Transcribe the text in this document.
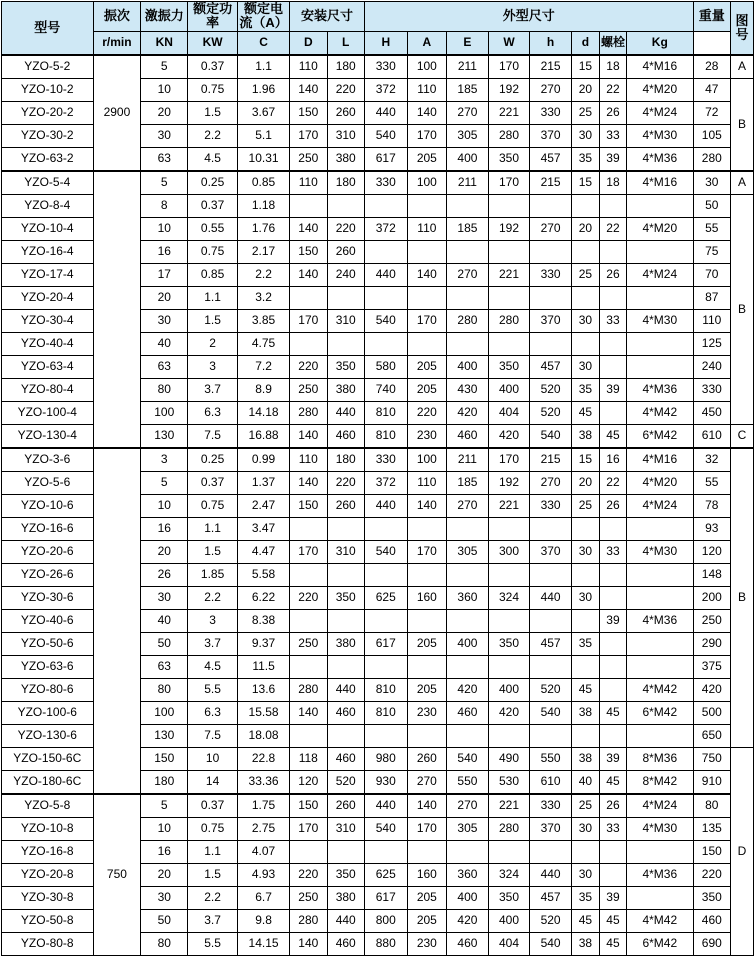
型号	振次	激振力	额定功率	额定电流（A）	安装尺寸		外型尺寸								重量	图号
	r/min	KN	KW	C	D	L	H	A	E	W	h	d	螺栓	Kg		
YZO-5-2	2900	5	0.37	1.1	110	180	330	100	211	170	215	15	18	4*M16	28	A
YZO-10-2		10	0.75	1.96	140	220	372	110	185	192	270	20	22	4*M20	47	B
YZO-20-2		20	1.5	3.67	150	260	440	140	270	221	330	25	26	4*M24	72	
YZO-30-2		30	2.2	5.1	170	310	540	170	305	280	370	30	33	4*M30	105	
YZO-63-2		63	4.5	10.31	250	380	617	205	400	350	457	35	39	4*M36	280	
YZO-5-4		5	0.25	0.85	110	180	330	100	211	170	215	15	18	4*M16	30	A
YZO-8-4		8	0.37	1.18											50	B
YZO-10-4		10	0.55	1.76	140	220	372	110	185	192	270	20	22	4*M20	55	
YZO-16-4		16	0.75	2.17	150	260									75	
YZO-17-4		17	0.85	2.2	140	240	440	140	270	221	330	25	26	4*M24	70	
YZO-20-4		20	1.1	3.2											87	
YZO-30-4		30	1.5	3.85	170	310	540	170	280	280	370	30	33	4*M30	110	
YZO-40-4		40	2	4.75											125	
YZO-63-4		63	3	7.2	220	350	580	205	400	350	457	30			240	
YZO-80-4		80	3.7	8.9	250	380	740	205	430	400	520	35	39	4*M36	330	
YZO-100-4		100	6.3	14.18	280	440	810	220	420	404	520	45		4*M42	450	
YZO-130-4		130	7.5	16.88	140	460	810	230	460	420	540	38	45	6*M42	610	C
YZO-3-6		3	0.25	0.99	110	180	330	100	211	170	215	15	16	4*M16	32	B
YZO-5-6		5	0.37	1.37	140	220	372	110	185	192	270	20	22	4*M20	55	
YZO-10-6		10	0.75	2.47	150	260	440	140	270	221	330	25	26	4*M24	78	
YZO-16-6		16	1.1	3.47											93	
YZO-20-6		20	1.5	4.47	170	310	540	170	305	300	370	30	33	4*M30	120	
YZO-26-6		26	1.85	5.58											148	
YZO-30-6		30	2.2	6.22	220	350	625	160	360	324	440	30			200	
YZO-40-6		40	3	8.38									39	4*M36	250	
YZO-50-6		50	3.7	9.37	250	380	617	205	400	350	457	35			290	
YZO-63-6		63	4.5	11.5											375	
YZO-80-6		80	5.5	13.6	280	440	810	205	420	400	520	45		4*M42	420	
YZO-100-6		100	6.3	15.58	140	460	810	230	460	420	540	38	45	6*M42	500	
YZO-130-6		130	7.5	18.08											650	
YZO-150-6C		150	10	22.8	118	460	980	260	540	490	550	38	39	8*M36	750	D
YZO-180-6C		180	14	33.36	120	520	930	270	550	530	610	40	45	8*M42	910	
YZO-5-8	750	5	0.37	1.75	150	260	440	140	270	221	330	25	26	4*M24	80	
YZO-10-8		10	0.75	2.75	170	310	540	170	305	280	370	30	33	4*M30	135	
YZO-16-8		16	1.1	4.07											150	
YZO-20-8		20	1.5	4.93	220	350	625	160	360	324	440	30		4*M36	220	
YZO-30-8		30	2.2	6.7	250	380	617	205	400	350	457	35	39		350	
YZO-50-8		50	3.7	9.8	280	440	800	205	420	400	520	45	45	4*M42	460	
YZO-80-8		80	5.5	14.15	140	460	880	230	460	404	540	38	45	6*M42	690	
